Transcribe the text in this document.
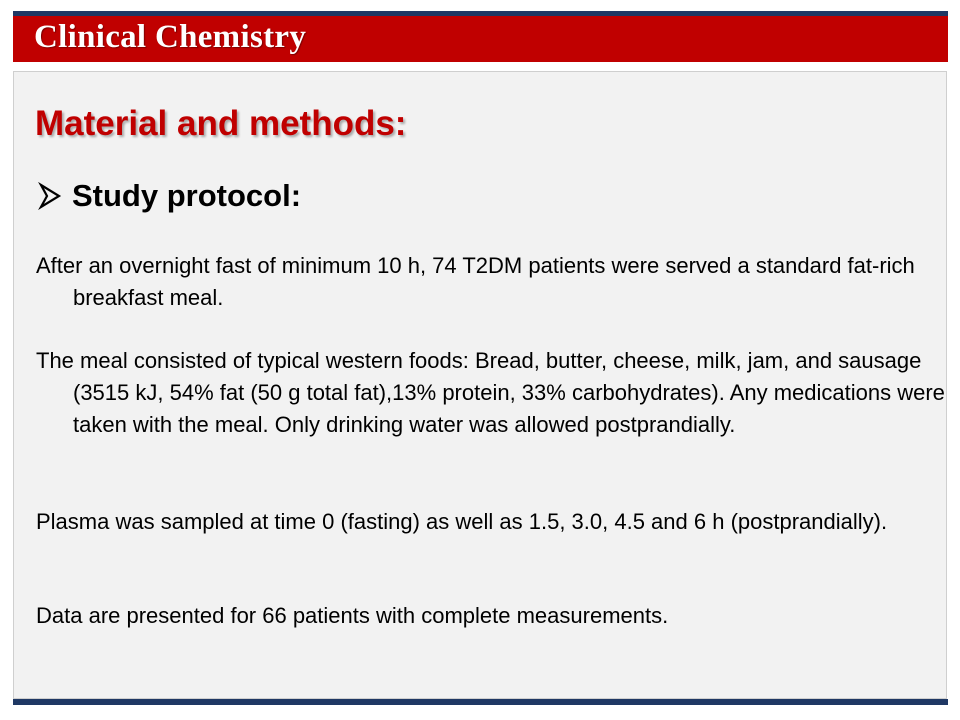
Clinical Chemistry
Material and methods:
Study protocol:

After an overnight fast of minimum 10 h, 74 T2DM patients were served a standard fat-rich breakfast meal.

The meal consisted of typical western foods: Bread, butter, cheese, milk, jam, and sausage (3515 kJ, 54% fat (50 g total fat),13% protein, 33% carbohydrates). Any medications were taken with the meal. Only drinking water was allowed postprandially.

Plasma was sampled at time 0 (fasting) as well as 1.5, 3.0, 4.5 and 6 h (postprandially).

Data are presented for 66 patients with complete measurements.
